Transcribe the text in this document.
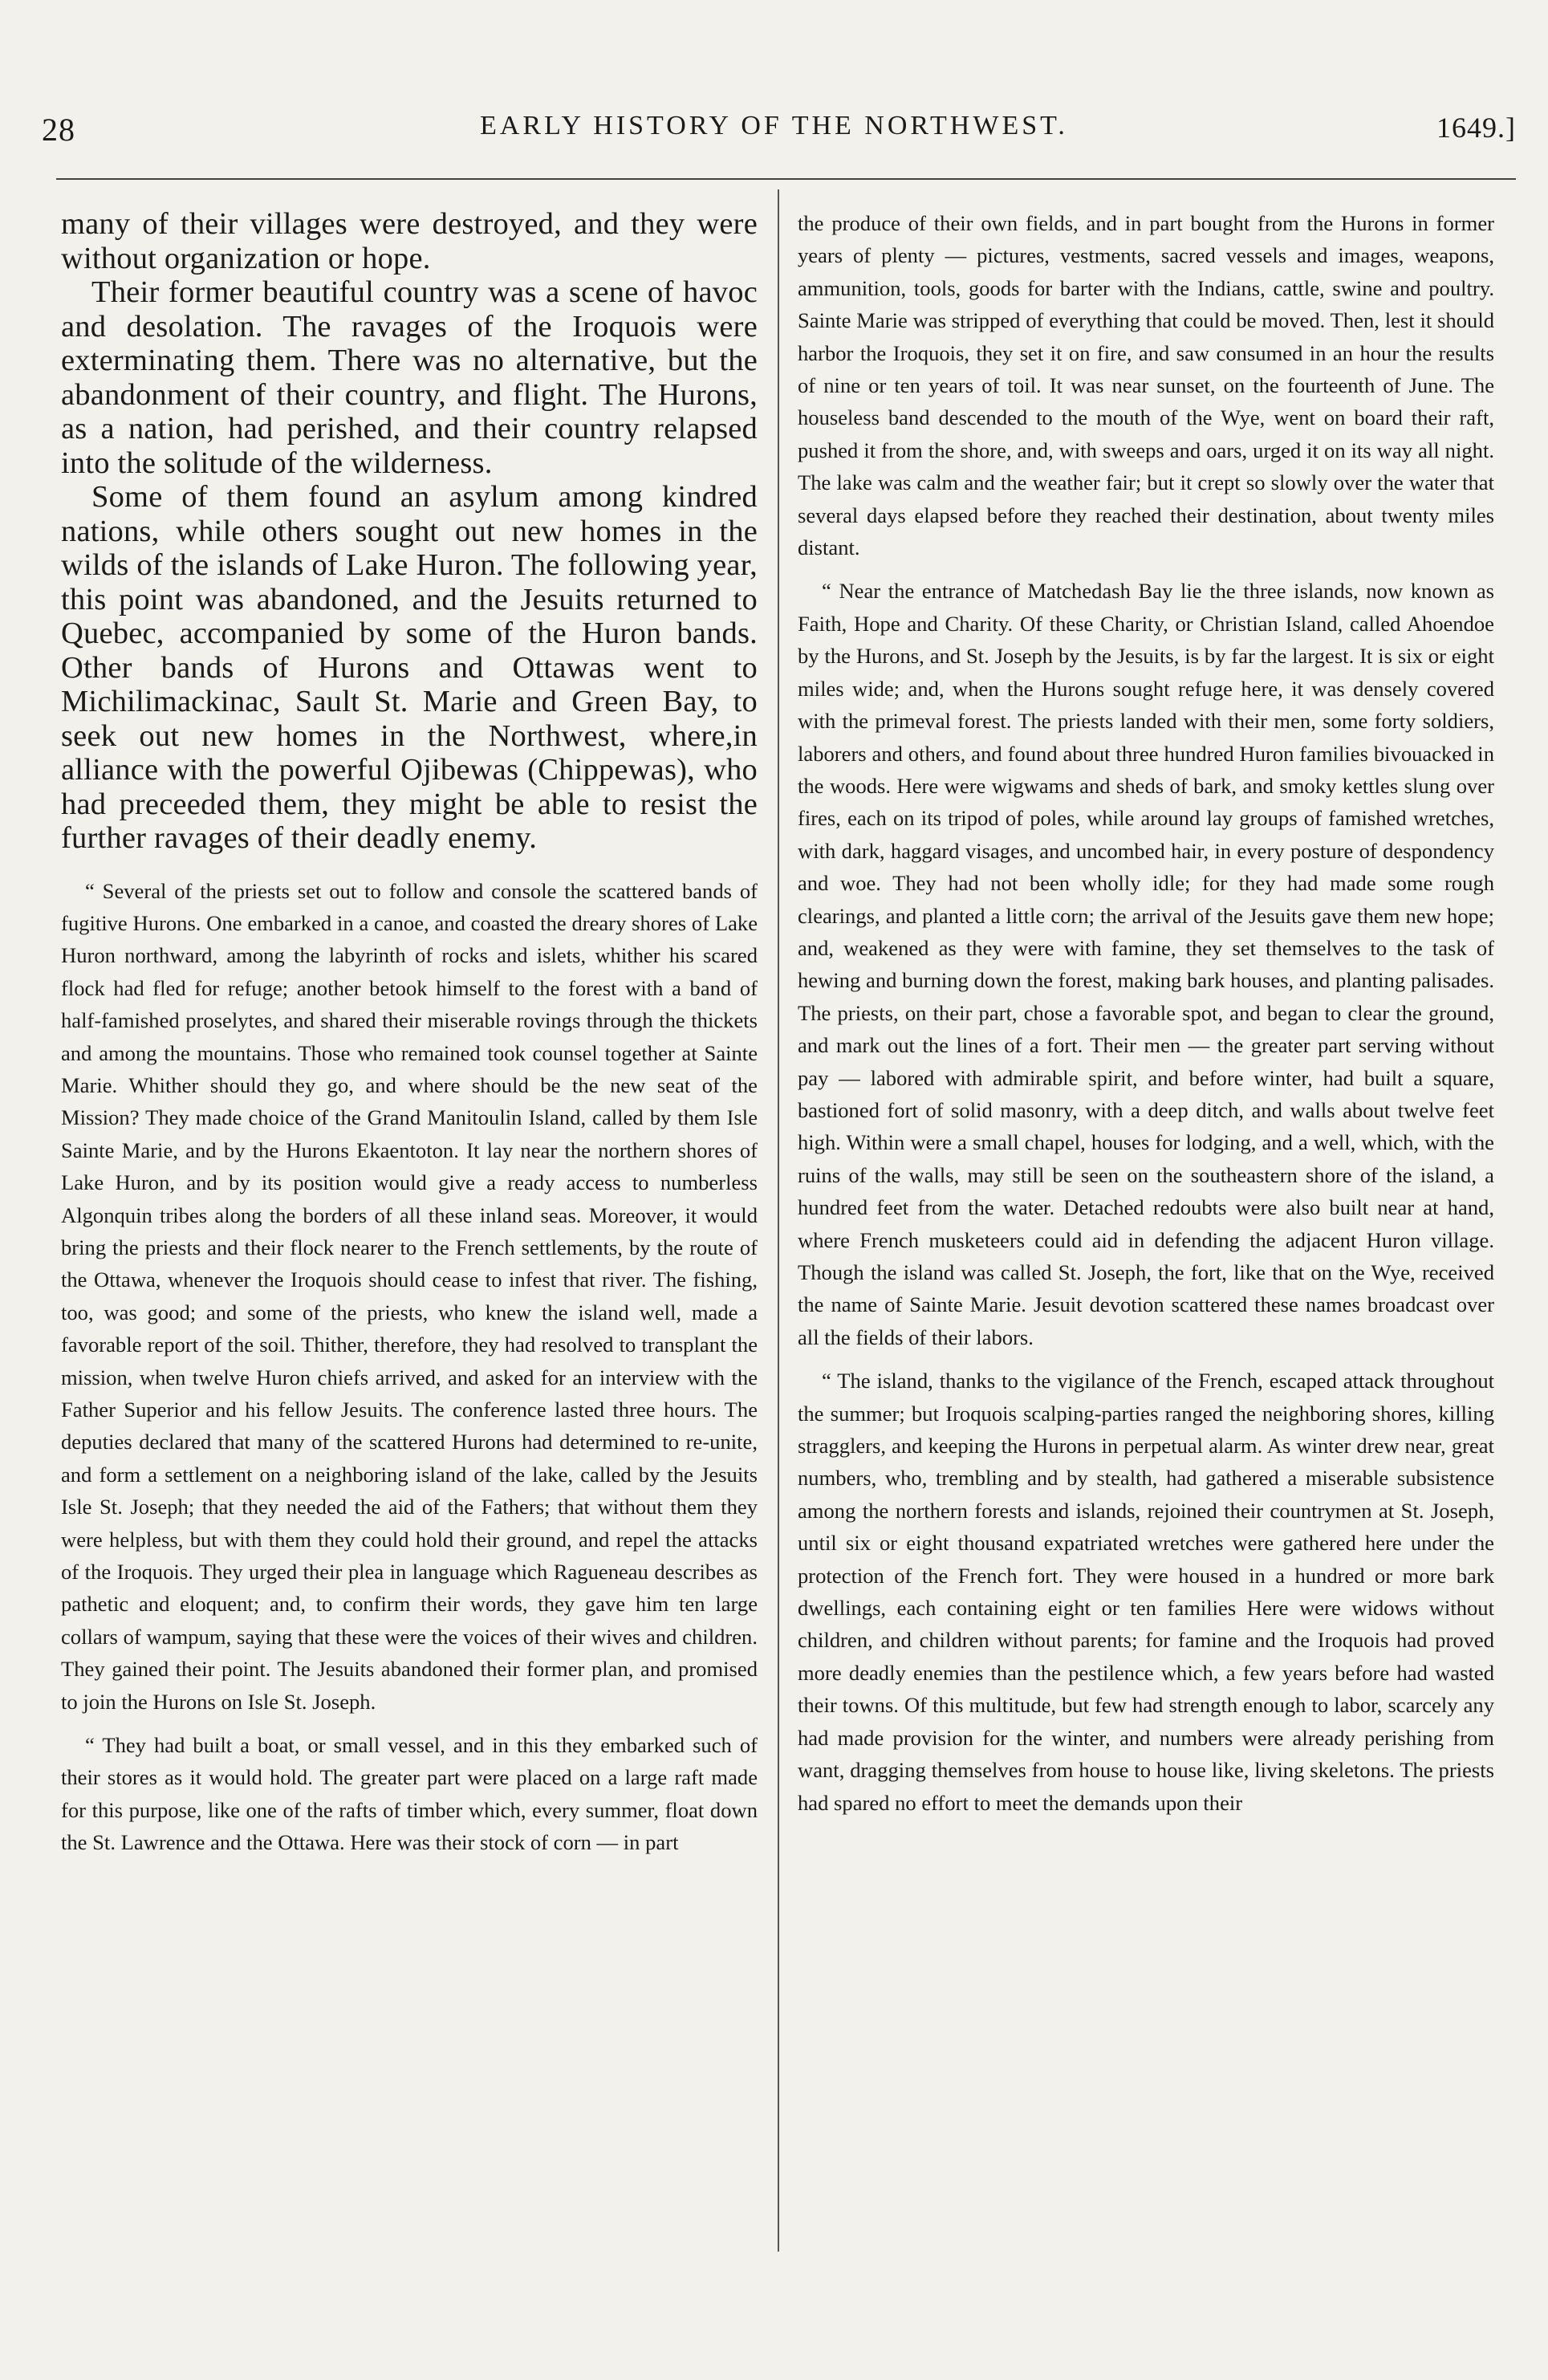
28	EARLY HISTORY OF THE NORTHWEST.	1649.]

many of their villages were destroyed, and they were without organization or hope.

Their former beautiful country was a scene of havoc and desolation. The ravages of the Iroquois were exterminating them. There was no alternative, but the abandonment of their country, and flight. The Hurons, as a nation, had perished, and their country relapsed into the solitude of the wilderness.

Some of them found an asylum among kindred nations, while others sought out new homes in the wilds of the islands of Lake Huron. The following year, this point was abandoned, and the Jesuits returned to Quebec, accompanied by some of the Huron bands. Other bands of Hurons and Ottawas went to Michilimackinac, Sault St. Marie and Green Bay, to seek out new homes in the Northwest, where,in alliance with the powerful Ojibewas (Chippewas), who had preceeded them, they might be able to resist the further ravages of their deadly enemy.

“ Several of the priests set out to follow and console the scattered bands of fugitive Hurons. One embarked in a canoe, and coasted the dreary shores of Lake Huron northward, among the labyrinth of rocks and islets, whither his scared flock had fled for refuge; another betook himself to the forest with a band of half-famished proselytes, and shared their miserable rovings through the thickets and among the mountains. Those who remained took counsel together at Sainte Marie. Whither should they go, and where should be the new seat of the Mission? They made choice of the Grand Manitoulin Island, called by them Isle Sainte Marie, and by the Hurons Ekaentoton. It lay near the northern shores of Lake Huron, and by its position would give a ready access to numberless Algonquin tribes along the borders of all these inland seas. Moreover, it would bring the priests and their flock nearer to the French settlements, by the route of the Ottawa, whenever the Iroquois should cease to infest that river. The fishing, too, was good; and some of the priests, who knew the island well, made a favorable report of the soil. Thither, therefore, they had resolved to transplant the mission, when twelve Huron chiefs arrived, and asked for an interview with the Father Superior and his fellow Jesuits. The conference lasted three hours. The deputies declared that many of the scattered Hurons had determined to re-unite, and form a settlement on a neighboring island of the lake, called by the Jesuits Isle St. Joseph; that they needed the aid of the Fathers; that without them they were helpless, but with them they could hold their ground, and repel the attacks of the Iroquois. They urged their plea in language which Ragueneau describes as pathetic and eloquent; and, to confirm their words, they gave him ten large collars of wampum, saying that these were the voices of their wives and children. They gained their point. The Jesuits abandoned their former plan, and promised to join the Hurons on Isle St. Joseph.

“ They had built a boat, or small vessel, and in this they embarked such of their stores as it would hold. The greater part were placed on a large raft made for this purpose, like one of the rafts of timber which, every summer, float down the St. Lawrence and the Ottawa. Here was their stock of corn — in part

the produce of their own fields, and in part bought from the Hurons in former years of plenty — pictures, vestments, sacred vessels and images, weapons, ammunition, tools, goods for barter with the Indians, cattle, swine and poultry. Sainte Marie was stripped of everything that could be moved. Then, lest it should harbor the Iroquois, they set it on fire, and saw consumed in an hour the results of nine or ten years of toil. It was near sunset, on the fourteenth of June. The houseless band descended to the mouth of the Wye, went on board their raft, pushed it from the shore, and, with sweeps and oars, urged it on its way all night. The lake was calm and the weather fair; but it crept so slowly over the water that several days elapsed before they reached their destination, about twenty miles distant.

“ Near the entrance of Matchedash Bay lie the three islands, now known as Faith, Hope and Charity. Of these Charity, or Christian Island, called Ahoendoe by the Hurons, and St. Joseph by the Jesuits, is by far the largest. It is six or eight miles wide; and, when the Hurons sought refuge here, it was densely covered with the primeval forest. The priests landed with their men, some forty soldiers, laborers and others, and found about three hundred Huron families bivouacked in the woods. Here were wigwams and sheds of bark, and smoky kettles slung over fires, each on its tripod of poles, while around lay groups of famished wretches, with dark, haggard visages, and uncombed hair, in every posture of despondency and woe. They had not been wholly idle; for they had made some rough clearings, and planted a little corn; the arrival of the Jesuits gave them new hope; and, weakened as they were with famine, they set themselves to the task of hewing and burning down the forest, making bark houses, and planting palisades. The priests, on their part, chose a favorable spot, and began to clear the ground, and mark out the lines of a fort. Their men — the greater part serving without pay — labored with admirable spirit, and before winter, had built a square, bastioned fort of solid masonry, with a deep ditch, and walls about twelve feet high. Within were a small chapel, houses for lodging, and a well, which, with the ruins of the walls, may still be seen on the southeastern shore of the island, a hundred feet from the water. Detached redoubts were also built near at hand, where French musketeers could aid in defending the adjacent Huron village. Though the island was called St. Joseph, the fort, like that on the Wye, received the name of Sainte Marie. Jesuit devotion scattered these names broadcast over all the fields of their labors.

“ The island, thanks to the vigilance of the French, escaped attack throughout the summer; but Iroquois scalping-parties ranged the neighboring shores, killing stragglers, and keeping the Hurons in perpetual alarm. As winter drew near, great numbers, who, trembling and by stealth, had gathered a miserable subsistence among the northern forests and islands, rejoined their countrymen at St. Joseph, until six or eight thousand expatriated wretches were gathered here under the protection of the French fort. They were housed in a hundred or more bark dwellings, each containing eight or ten families Here were widows without children, and children without parents; for famine and the Iroquois had proved more deadly enemies than the pestilence which, a few years before had wasted their towns. Of this multitude, but few had strength enough to labor, scarcely any had made provision for the winter, and numbers were already perishing from want, dragging themselves from house to house like, living skeletons. The priests had spared no effort to meet the demands upon their
